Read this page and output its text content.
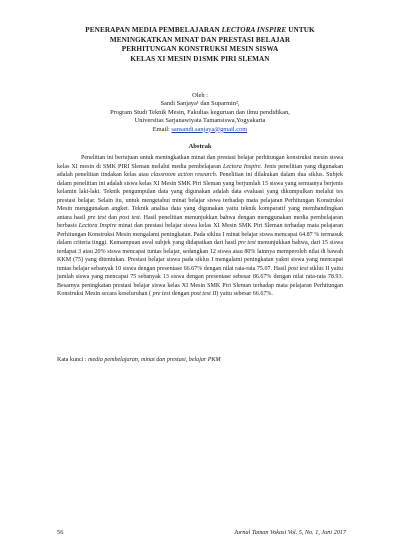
PENERAPAN MEDIA PEMBELAJARAN LECTORA INSPIRE UNTUK
MENINGKATKAN MINAT DAN PRESTASI BELAJAR
PERHITUNGAN KONSTRUKSI MESIN SISWA
KELAS XI MESIN D1SMK PIRI SLEMAN
Oleh :
Sandi Sanjaya¹ dan Suparmin²,
Program Studi Teknik Mesin, Fakultas keguruan dan ilmu pendidikan,
Universitas Sarjanawiyata Tamansiswa,Yogyakarta
Email: sansandi.sanjaya@gmail.com
Abstrak
Penelitian ini bertujuan untuk meningkatkan minat dan prestasi belajar perhitungan konstruksi mesin siswa kelas XI mesin di SMK PIRI Sleman melalui media pembelajaran Lectora Inspire. Jenis penelitian yang digunakan adalah penelitian tindakan kelas atau classroom action research. Penelitian ini dilakukan dalam dua siklus. Subjek dalam penelitian ini adalah siswa kelas XI Mesin SMK Piri Sleman yang berjumlah 15 siswa yang semuanya berjenis kelamin laki-laki. Teknik pengumpulan data yang digunakan adalah data evaluasi yang dikumpulkan melalui tes prestasi belajar. Selain itu, untuk mengetahui minat belajar siswa terhadap mata pelajaran Perhitungan Konstruksi Mesin menggunakan angket. Teknik analisa data yang digunakan yaitu teknik komparatif yang membandingkan antara hasil pre test dan post test. Hasil penelitian menunjukkan bahwa dengan menggunakan media pembelajaran berbasis Lectora Inspire minat dan prestasi belajar siswa kelas XI Mesin SMK Piri Sleman terhadap mata pelajaran Perhitungan Konstruksi Mesin mengalami peningkatan. Pada siklus I minat belajar siswa mencapai 64.87 % termasuk dalam criteria tinggi. Kemampuan awal subjek yang didapatkan dari hasil pre test menunjukkan bahwa, dari 15 siswa terdapat 3 atau 20% siswa mencapai tuntas belajar, sedangkan 12 siswa atau 80% lainnya memperoleh nilai di bawah KKM (75) yang ditentukan. Prestasi belajar siswa pada siklus I mengalami peningkatan yakni siswa yang mencapai tuntas belajar sebanyak 10 siswa dengan presentase 66.67% dengan nilai rata-rata 75.07. Hasil post test siklus II yaitu jumlah siswa yang mencapai 75 sebanyak 13 siswa dengan presentase sebesar 86.67% dengan nilai rata-rata 78.93. Besarnya peningkatan prestasi belajar siswa kelas XI Mesin SMK Piri Sleman terhadap mata pelajaran Perhitungan Konstruksi Mesin secara keseluruhan ( pre test dengan post test II) yaitu sebesar 66.67%.
Kata kunci : media pembelajaran, minat dan prestasi, belajar PKM
56	Jurnal Taman Vokasi Vol. 5, No. 1, Juni 2017
